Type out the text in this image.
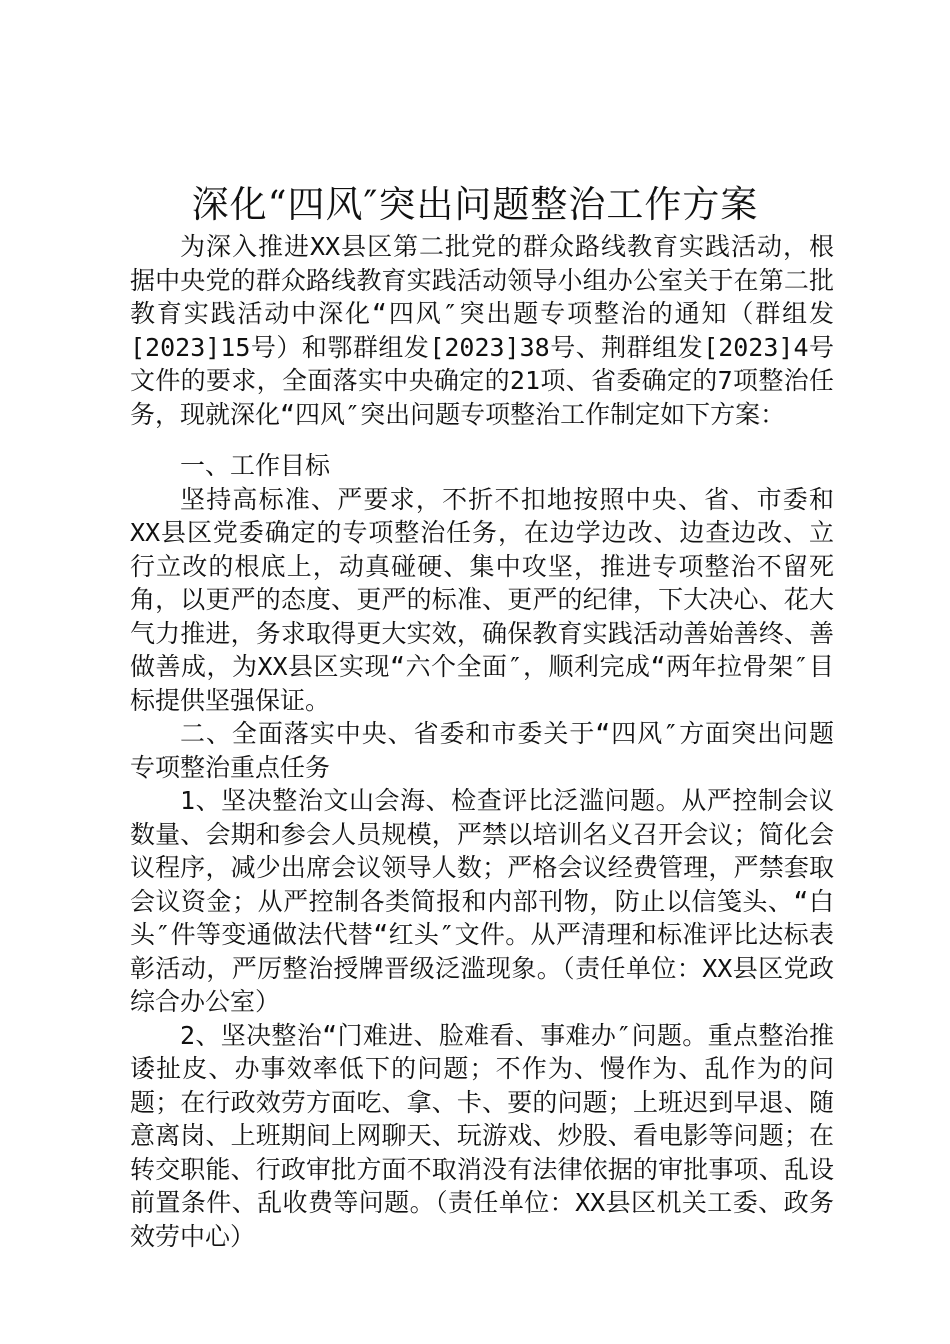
深化“四风″突出问题整治工作方案

为深入推进XX县区第二批党的群众路线教育实践活动，根据中央党的群众路线教育实践活动领导小组办公室关于在第二批教育实践活动中深化“四风″突出题专项整治的通知（群组发[2023]15号）和鄂群组发[2023]38号、荆群组发[2023]4号文件的要求，全面落实中央确定的21项、省委确定的7项整治任务，现就深化“四风″突出问题专项整治工作制定如下方案：

一、工作目标

坚持高标准、严要求，不折不扣地按照中央、省、市委和XX县区党委确定的专项整治任务，在边学边改、边查边改、立行立改的根底上，动真碰硬、集中攻坚，推进专项整治不留死角，以更严的态度、更严的标准、更严的纪律，下大决心、花大气力推进，务求取得更大实效，确保教育实践活动善始善终、善做善成，为XX县区实现“六个全面″，顺利完成“两年拉骨架″目标提供坚强保证。

二、全面落实中央、省委和市委关于“四风″方面突出问题专项整治重点任务

1、坚决整治文山会海、检查评比泛滥问题。从严控制会议数量、会期和参会人员规模，严禁以培训名义召开会议；简化会议程序，减少出席会议领导人数；严格会议经费管理，严禁套取会议资金；从严控制各类简报和内部刊物，防止以信笺头、“白头″件等变通做法代替“红头″文件。从严清理和标准评比达标表彰活动，严厉整治授牌晋级泛滥现象。（责任单位：XX县区党政综合办公室）

2、坚决整治“门难进、脸难看、事难办″问题。重点整治推诿扯皮、办事效率低下的问题；不作为、慢作为、乱作为的问题；在行政效劳方面吃、拿、卡、要的问题；上班迟到早退、随意离岗、上班期间上网聊天、玩游戏、炒股、看电影等问题；在转交职能、行政审批方面不取消没有法律依据的审批事项、乱设前置条件、乱收费等问题。（责任单位：XX县区机关工委、政务效劳中心）
